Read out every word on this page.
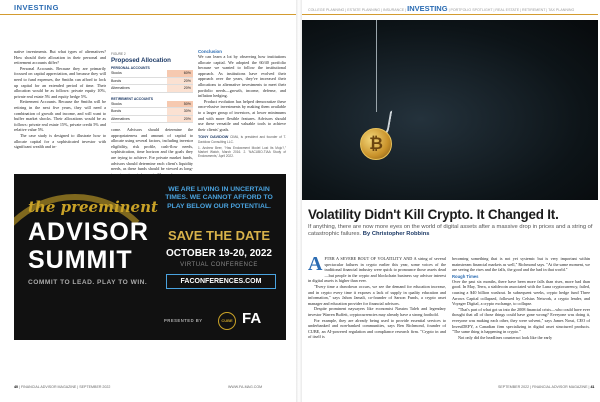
INVESTING

native investments. But what types of alternatives? How should their allocation in their personal and retirement accounts differ?

Personal Accounts. Because they are primarily focused on capital appreciation, and because they will need to fund expenses, the Smiths can afford to lock up capital for an extended period of time. Their allocation would be as follows: private equity 10%, private real estate 5% and equity hedge 5%.

Retirement Accounts. Because the Smiths will be retiring in the next five years, they will need a combination of growth and income, and will want to buffer market shocks. Their allocations would be as follows: private real estate 15%, private credit 5% and relative value 5%.

The case study is designed to illustrate how to allocate capital for a sophisticated investor with significant wealth and in-

FIGURE 2
Proposed Allocation
PERSONAL ACCOUNTS
Stocks	60%
Bonds	20%
Alternatives	20%
RETIREMENT ACCOUNTS
Stocks	50%
Bonds	30%
Alternatives	20%

come. Advisors should determine the appropriateness and amount of capital to allocate using several factors, including investor eligibility, risk profile, cash-flow needs, sophistication, time horizon and the goals they are trying to achieve. For private market funds, advisors should determine each client's liquidity needs, as these funds should be viewed as long-

Conclusion

We can learn a lot by observing how institutions allocate capital. We adopted the 60/40 portfolio because we wanted to follow the institutional approach. As institutions have evolved their approach over the years, they've increased their allocations to alternative investments to meet their portfolio needs—growth, income, defense, and inflation hedging.

Product evolution has helped democratize these once-elusive investments by making them available to a larger group of investors, at lower minimums and with more flexible features. Advisors should use these versatile and valuable tools to achieve their clients' goals.

TONY DAVIDOW CIMA, is president and founder of T. Davidow Consulting LLC.
1. Andrew Beer, "Has Endowment Model Lost Its Mojo?," Market Watch, March 2016. 2. 'NACUBO-TIAA Study of Endowments,' April 2022.
the preeminent
ADVISOR
SUMMIT
COMMIT TO LEAD. PLAY TO WIN.
WE ARE LIVING IN UNCERTAIN TIMES. WE CANNOT AFFORD TO PLAY BELOW OUR POTENTIAL.
SAVE THE DATE
OCTOBER 19-20, 2022
VIRTUAL CONFERENCE
FACONFERENCES.COM
PRESENTED BY	CUBE FA
40 | FINANCIAL ADVISOR MAGAZINE | SEPTEMBER 2022	WWW.FA-MAG.COM
COLLEGE PLANNING | ESTATE PLANNING | INSURANCE | INVESTING | PORTFOLIO SPOTLIGHT | REAL ESTATE | RETIREMENT | TAX PLANNING
₿
Volatility Didn't Kill Crypto. It Changed It.
If anything, there are now more eyes on the world of digital assets after a massive drop in prices and a string of catastrophic failures. By Christopher Robbins

AFTER A SEVERE BOUT OF VOLATILITY AND A string of several spectacular failures in crypto earlier this year, some voices of the traditional financial industry were quick to pronounce those assets dead—but people in the crypto and blockchain business say advisor interest in digital assets is higher than ever.

"Every time a drawdown occurs, we see the demand for education increase, and in crypto every time it exposes a lack of supply in quality education and information," says Jahon Jamali, co-founder of Sarson Funds, a crypto asset manager and education provider for financial advisors.

Despite prominent naysayers like economist Nassim Taleb and legendary investor Warren Buffett, cryptocurrencies may already have a strong foothold.

For example, they are already being used to provide essential services to underbanked and non-banked communities, says Ben Richmond, founder of CUBE, an AI-powered regulation and compliance research firm. "Crypto in and of itself is

becoming something that is not yet systemic but is very important within mainstream financial markets as well," Richmond says. "At the same moment, we are seeing the rises and the falls, the good and the bad in that world."

Rough Times

Over the past six months, there have been more falls than rises, more bad than good. In May, Terra, a stablecoin associated with the Luna cryptocurrency, failed, causing a $40 billion washout. In subsequent weeks, crypto hedge fund Three Arrows Capital collapsed, followed by Celsius Network, a crypto lender, and Voyager Digital, a crypto exchange, to collapse.

"That's part of what got us into the 2008 financial crisis—who could have ever thought that all of those things could have gone wrong? Everyone was doing it, everyone was making each other, they were solvent," says James Nossi, CEO of InvestDEFY, a Canadian firm specializing in digital asset structured products. "The same thing is happening in crypto."

Not only did the headlines counteract look like the early

SEPTEMBER 2022 | FINANCIAL ADVISOR MAGAZINE | 41
